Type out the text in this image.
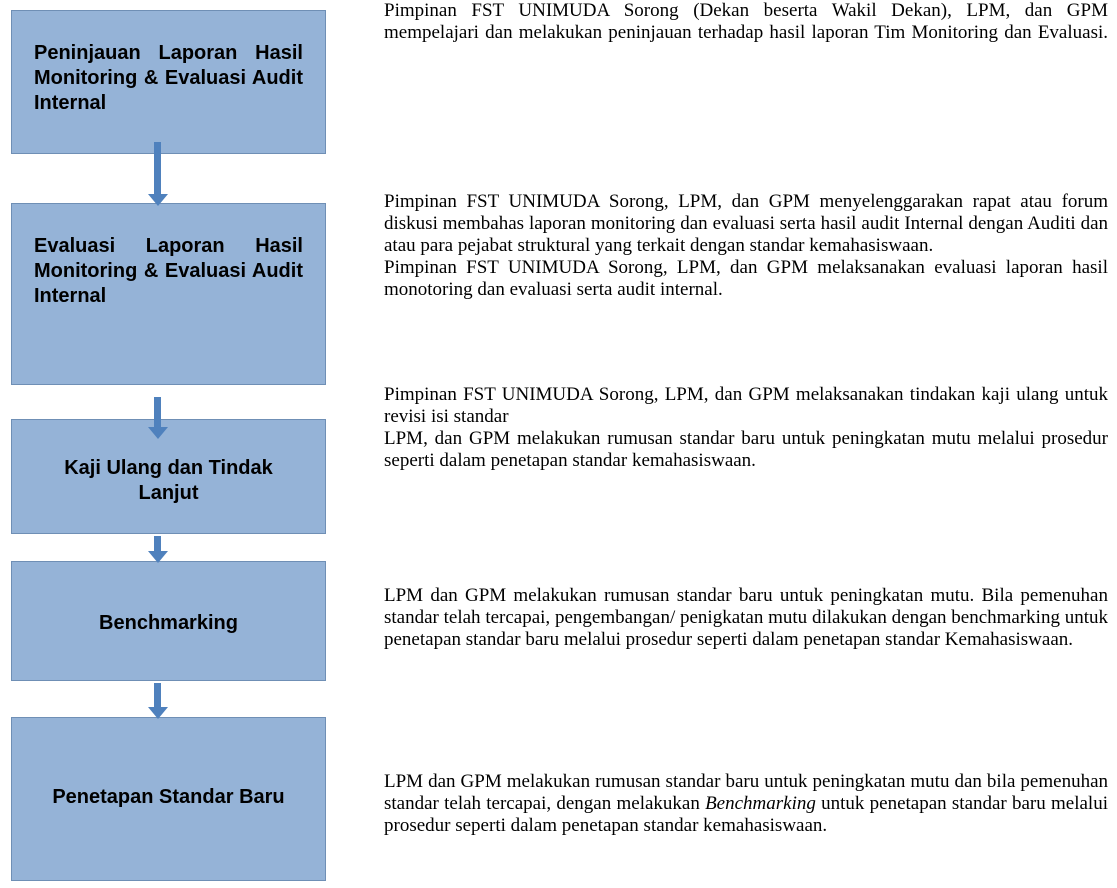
Peninjauan Laporan Hasil Monitoring & Evaluasi Audit Internal
Evaluasi Laporan Hasil Monitoring & Evaluasi Audit Internal
Kaji Ulang dan Tindak Lanjut
Benchmarking
Penetapan Standar Baru

Pimpinan FST UNIMUDA Sorong (Dekan beserta Wakil Dekan), LPM, dan GPM mempelajari dan melakukan peninjauan terhadap hasil laporan Tim Monitoring dan Evaluasi.

Pimpinan FST UNIMUDA Sorong, LPM, dan GPM menyelenggarakan rapat atau forum diskusi membahas laporan monitoring dan evaluasi serta hasil audit Internal dengan Auditi dan atau para pejabat struktural yang terkait dengan standar kemahasiswaan.

Pimpinan FST UNIMUDA Sorong, LPM, dan GPM melaksanakan evaluasi laporan hasil monotoring dan evaluasi serta audit internal.

Pimpinan FST UNIMUDA Sorong, LPM, dan GPM melaksanakan tindakan kaji ulang untuk revisi isi standar

LPM, dan GPM melakukan rumusan standar baru untuk peningkatan mutu melalui prosedur seperti dalam penetapan standar kemahasiswaan.

LPM dan GPM melakukan rumusan standar baru untuk peningkatan mutu. Bila pemenuhan standar telah tercapai, pengembangan/ penigkatan mutu dilakukan dengan benchmarking untuk penetapan standar baru melalui prosedur seperti dalam penetapan standar Kemahasiswaan.

LPM dan GPM melakukan rumusan standar baru untuk peningkatan mutu dan bila pemenuhan standar telah tercapai, dengan melakukan Benchmarking untuk penetapan standar baru melalui prosedur seperti dalam penetapan standar kemahasiswaan.
